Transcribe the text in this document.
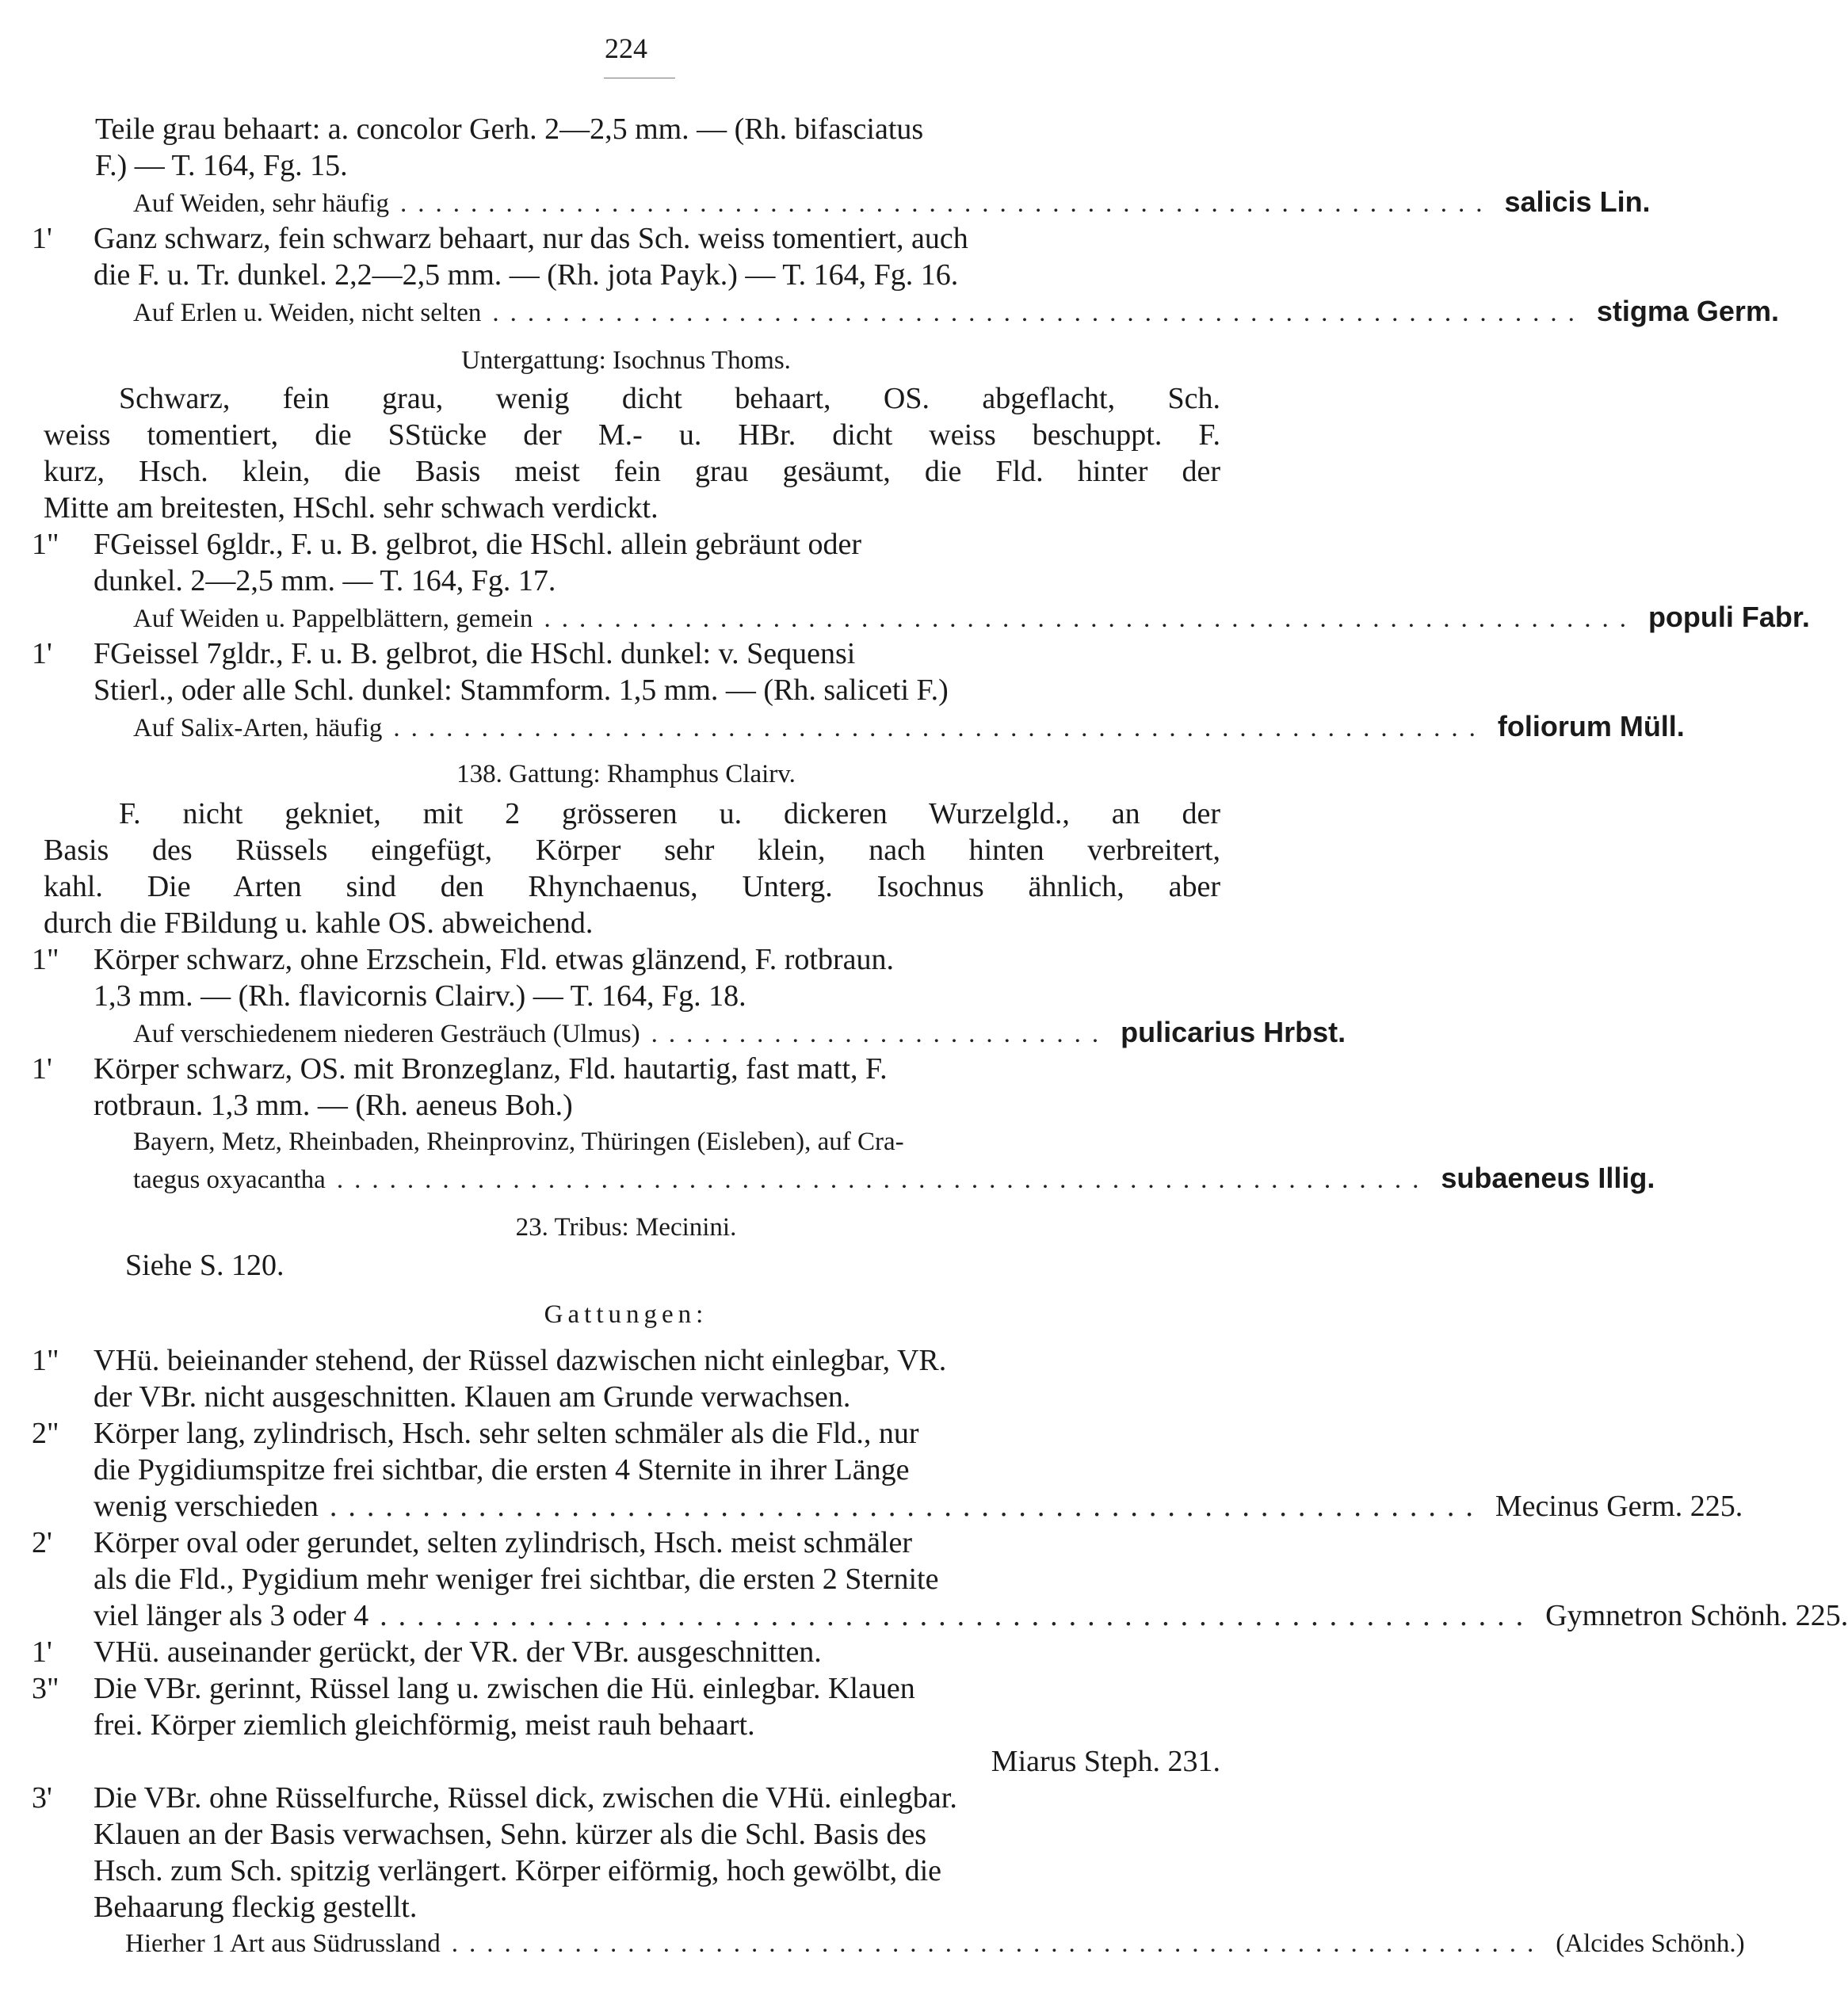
224
Teile grau behaart: a. concolor Gerh. 2—2,5 mm. — (Rh. bifasciatus
F.) — T. 164, Fg. 15.
Auf Weiden, sehr häufig .............................................................. salicis Lin.
1' Ganz schwarz, fein schwarz behaart, nur das Sch. weiss tomentiert, auch
die F. u. Tr. dunkel. 2,2—2,5 mm. — (Rh. jota Payk.) — T. 164, Fg. 16.
Auf Erlen u. Weiden, nicht selten .............................................................. stigma Germ.
Untergattung: Isochnus Thoms.
Schwarz, fein grau, wenig dicht behaart, OS. abgeflacht, Sch.
weiss tomentiert, die SStücke der M.- u. HBr. dicht weiss beschuppt. F.
kurz, Hsch. klein, die Basis meist fein grau gesäumt, die Fld. hinter der
Mitte am breitesten, HSchl. sehr schwach verdickt.
1" FGeissel 6gldr., F. u. B. gelbrot, die HSchl. allein gebräunt oder
dunkel. 2—2,5 mm. — T. 164, Fg. 17.
Auf Weiden u. Pappelblättern, gemein .............................................................. populi Fabr.
1' FGeissel 7gldr., F. u. B. gelbrot, die HSchl. dunkel: v. Sequensi
Stierl., oder alle Schl. dunkel: Stammform. 1,5 mm. — (Rh. saliceti F.)
Auf Salix-Arten, häufig .............................................................. foliorum Müll.
138. Gattung: Rhamphus Clairv.
F. nicht gekniet, mit 2 grösseren u. dickeren Wurzelgld., an der
Basis des Rüssels eingefügt, Körper sehr klein, nach hinten verbreitert,
kahl. Die Arten sind den Rhynchaenus, Unterg. Isochnus ähnlich, aber
durch die FBildung u. kahle OS. abweichend.
1" Körper schwarz, ohne Erzschein, Fld. etwas glänzend, F. rotbraun.
1,3 mm. — (Rh. flavicornis Clairv.) — T. 164, Fg. 18.
Auf verschiedenem niederen Gesträuch (Ulmus) .......................... pulicarius Hrbst.
1' Körper schwarz, OS. mit Bronzeglanz, Fld. hautartig, fast matt, F.
rotbraun. 1,3 mm. — (Rh. aeneus Boh.)
Bayern, Metz, Rheinbaden, Rheinprovinz, Thüringen (Eisleben), auf Cra-
taegus oxyacantha .............................................................. subaeneus Illig.
23. Tribus: Mecinini.
Siehe S. 120.
Gattungen:
1" VHü. beieinander stehend, der Rüssel dazwischen nicht einlegbar, VR.
der VBr. nicht ausgeschnitten. Klauen am Grunde verwachsen.
2" Körper lang, zylindrisch, Hsch. sehr selten schmäler als die Fld., nur
die Pygidiumspitze frei sichtbar, die ersten 4 Sternite in ihrer Länge
wenig verschieden .............................................................. Mecinus Germ. 225.
2' Körper oval oder gerundet, selten zylindrisch, Hsch. meist schmäler
als die Fld., Pygidium mehr weniger frei sichtbar, die ersten 2 Sternite
viel länger als 3 oder 4 .............................................................. Gymnetron Schönh. 225.
1' VHü. auseinander gerückt, der VR. der VBr. ausgeschnitten.
3" Die VBr. gerinnt, Rüssel lang u. zwischen die Hü. einlegbar. Klauen
frei. Körper ziemlich gleichförmig, meist rauh behaart.
Miarus Steph. 231.
3' Die VBr. ohne Rüsselfurche, Rüssel dick, zwischen die VHü. einlegbar.
Klauen an der Basis verwachsen, Sehn. kürzer als die Schl. Basis des
Hsch. zum Sch. spitzig verlängert. Körper eiförmig, hoch gewölbt, die
Behaarung fleckig gestellt.
Hierher 1 Art aus Südrussland .............................................................. (Alcides Schönh.)
